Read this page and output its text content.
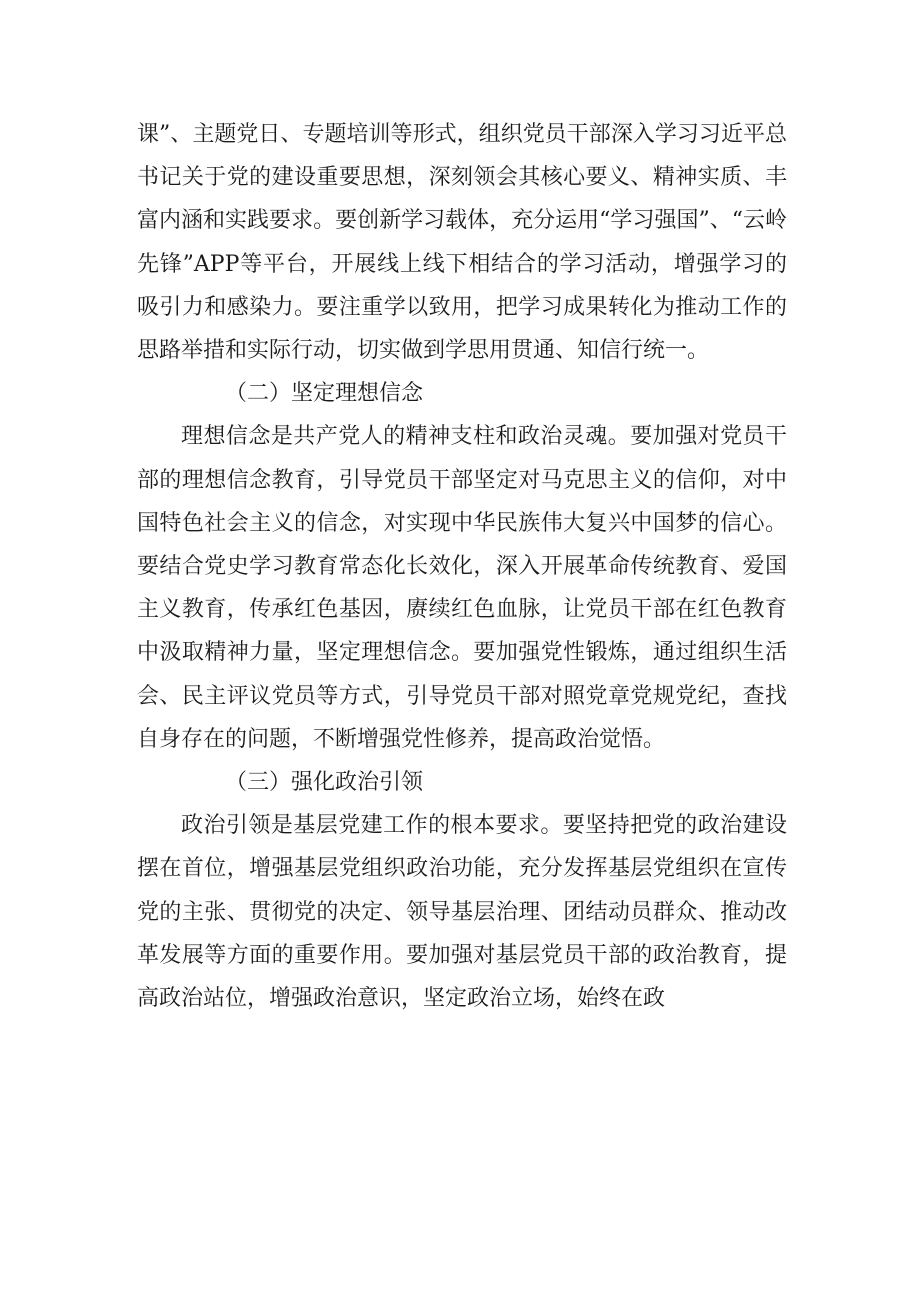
课”、主题党日、专题培训等形式，组织党员干部深入学习习近平总书记关于党的建设重要思想，深刻领会其核心要义、精神实质、丰富内涵和实践要求。要创新学习载体，充分运用“学习强国”、“云岭先锋”APP等平台，开展线上线下相结合的学习活动，增强学习的吸引力和感染力。要注重学以致用，把学习成果转化为推动工作的思路举措和实际行动，切实做到学思用贯通、知信行统一。

（二）坚定理想信念

理想信念是共产党人的精神支柱和政治灵魂。要加强对党员干部的理想信念教育，引导党员干部坚定对马克思主义的信仰，对中国特色社会主义的信念，对实现中华民族伟大复兴中国梦的信心。要结合党史学习教育常态化长效化，深入开展革命传统教育、爱国主义教育，传承红色基因，赓续红色血脉，让党员干部在红色教育中汲取精神力量，坚定理想信念。要加强党性锻炼，通过组织生活会、民主评议党员等方式，引导党员干部对照党章党规党纪，查找自身存在的问题，不断增强党性修养，提高政治觉悟。

（三）强化政治引领

政治引领是基层党建工作的根本要求。要坚持把党的政治建设摆在首位，增强基层党组织政治功能，充分发挥基层党组织在宣传党的主张、贯彻党的决定、领导基层治理、团结动员群众、推动改革发展等方面的重要作用。要加强对基层党员干部的政治教育，提高政治站位，增强政治意识，坚定政治立场，始终在政
